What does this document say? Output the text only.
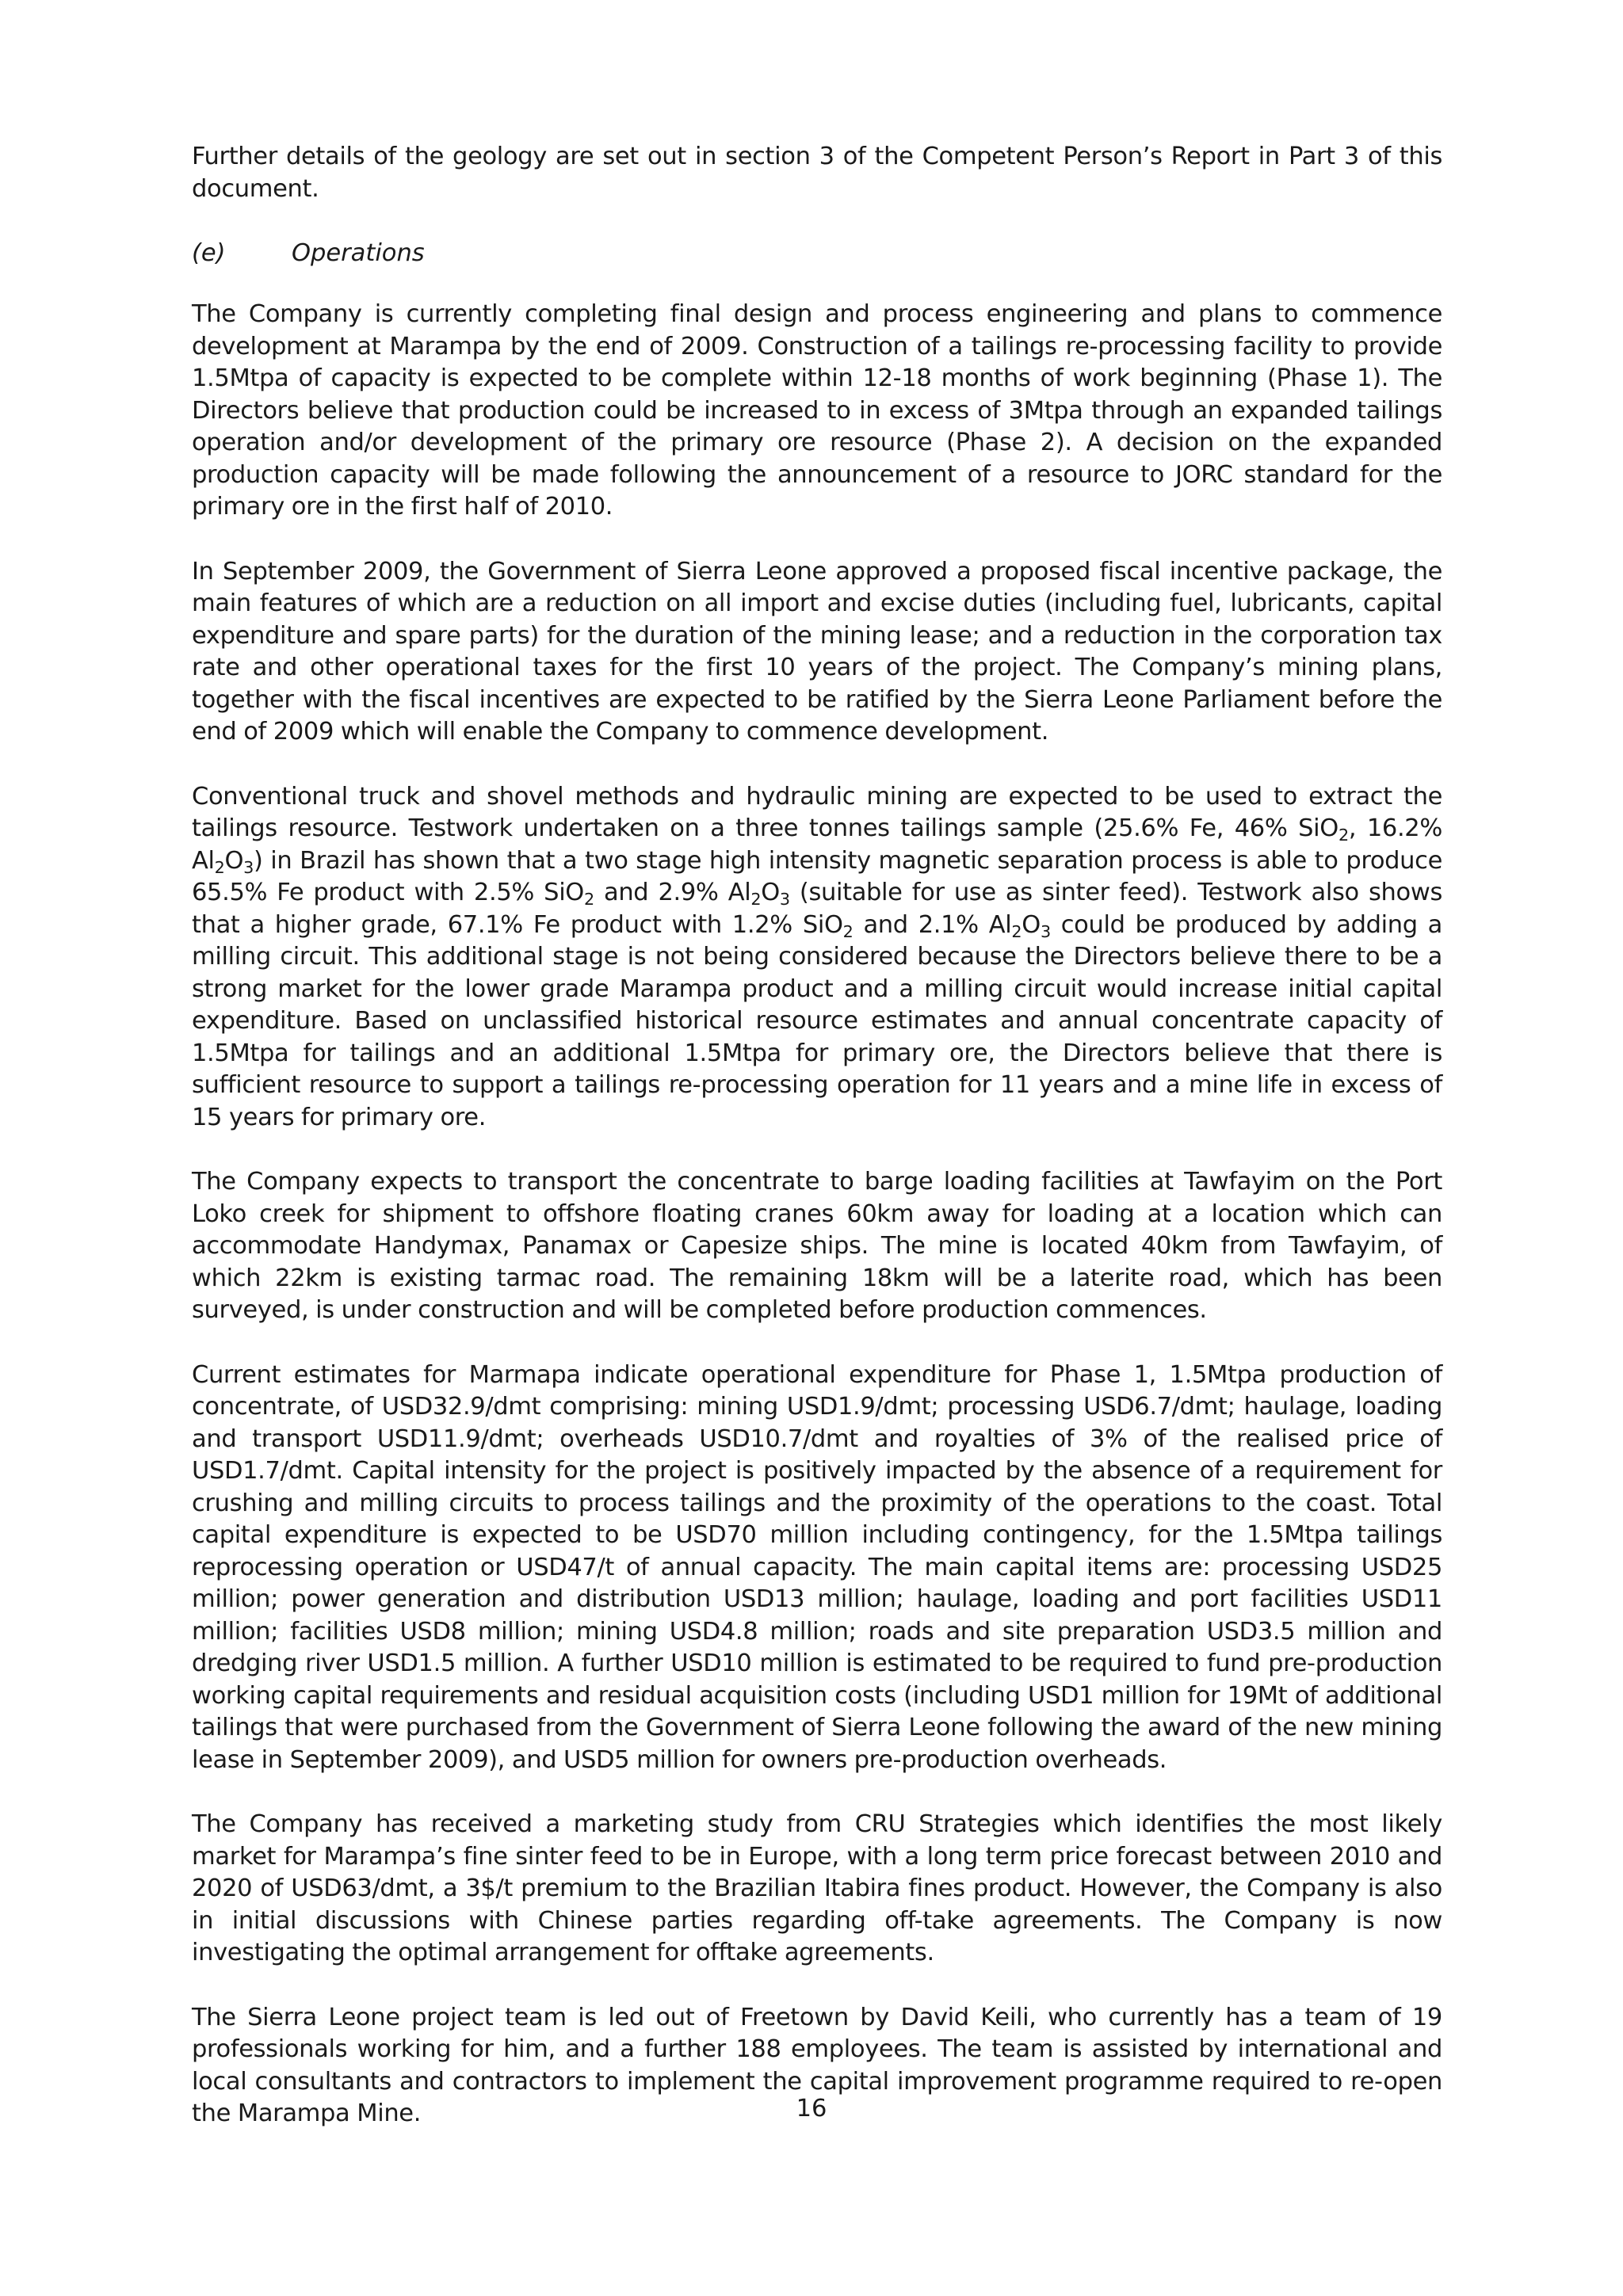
Further details of the geology are set out in section 3 of the Competent Person’s Report in Part 3 of this document.

(e)	Operations

The Company is currently completing final design and process engineering and plans to commence development at Marampa by the end of 2009. Construction of a tailings re-processing facility to provide 1.5Mtpa of capacity is expected to be complete within 12-18 months of work beginning (Phase 1). The Directors believe that production could be increased to in excess of 3Mtpa through an expanded tailings operation and/or development of the primary ore resource (Phase 2). A decision on the expanded production capacity will be made following the announcement of a resource to JORC standard for the primary ore in the first half of 2010.

In September 2009, the Government of Sierra Leone approved a proposed fiscal incentive package, the main features of which are a reduction on all import and excise duties (including fuel, lubricants, capital expenditure and spare parts) for the duration of the mining lease; and a reduction in the corporation tax rate and other operational taxes for the first 10 years of the project. The Company’s mining plans, together with the fiscal incentives are expected to be ratified by the Sierra Leone Parliament before the end of 2009 which will enable the Company to commence development.

Conventional truck and shovel methods and hydraulic mining are expected to be used to extract the tailings resource. Testwork undertaken on a three tonnes tailings sample (25.6% Fe, 46% SiO$_2$, 16.2% $Al_2O_3$) in Brazil has shown that a two stage high intensity magnetic separation process is able to produce 65.5% Fe product with 2.5% SiO$_2$ and 2.9% $Al_2O_3$ (suitable for use as sinter feed). Testwork also shows that a higher grade, 67.1% Fe product with 1.2% SiO$_2$ and 2.1% $Al_2O_3$ could be produced by adding a milling circuit. This additional stage is not being considered because the Directors believe there to be a strong market for the lower grade Marampa product and a milling circuit would increase initial capital expenditure. Based on unclassified historical resource estimates and annual concentrate capacity of 1.5Mtpa for tailings and an additional 1.5Mtpa for primary ore, the Directors believe that there is sufficient resource to support a tailings re-processing operation for 11 years and a mine life in excess of 15 years for primary ore.

The Company expects to transport the concentrate to barge loading facilities at Tawfayim on the Port Loko creek for shipment to offshore floating cranes 60km away for loading at a location which can accommodate Handymax, Panamax or Capesize ships. The mine is located 40km from Tawfayim, of which 22km is existing tarmac road. The remaining 18km will be a laterite road, which has been surveyed, is under construction and will be completed before production commences.

Current estimates for Marmapa indicate operational expenditure for Phase 1, 1.5Mtpa production of concentrate, of USD32.9/dmt comprising: mining USD1.9/dmt; processing USD6.7/dmt; haulage, loading and transport USD11.9/dmt; overheads USD10.7/dmt and royalties of 3% of the realised price of USD1.7/dmt. Capital intensity for the project is positively impacted by the absence of a requirement for crushing and milling circuits to process tailings and the proximity of the operations to the coast. Total capital expenditure is expected to be USD70 million including contingency, for the 1.5Mtpa tailings reprocessing operation or USD47/t of annual capacity. The main capital items are: processing USD25 million; power generation and distribution USD13 million; haulage, loading and port facilities USD11 million; facilities USD8 million; mining USD4.8 million; roads and site preparation USD3.5 million and dredging river USD1.5 million. A further USD10 million is estimated to be required to fund pre-production working capital requirements and residual acquisition costs (including USD1 million for 19Mt of additional tailings that were purchased from the Government of Sierra Leone following the award of the new mining lease in September 2009), and USD5 million for owners pre-production overheads.

The Company has received a marketing study from CRU Strategies which identifies the most likely market for Marampa’s fine sinter feed to be in Europe, with a long term price forecast between 2010 and 2020 of USD63/dmt, a 3$/t premium to the Brazilian Itabira fines product. However, the Company is also in initial discussions with Chinese parties regarding off-take agreements. The Company is now investigating the optimal arrangement for offtake agreements.

The Sierra Leone project team is led out of Freetown by David Keili, who currently has a team of 19 professionals working for him, and a further 188 employees. The team is assisted by international and local consultants and contractors to implement the capital improvement programme required to re-open the Marampa Mine.	16
